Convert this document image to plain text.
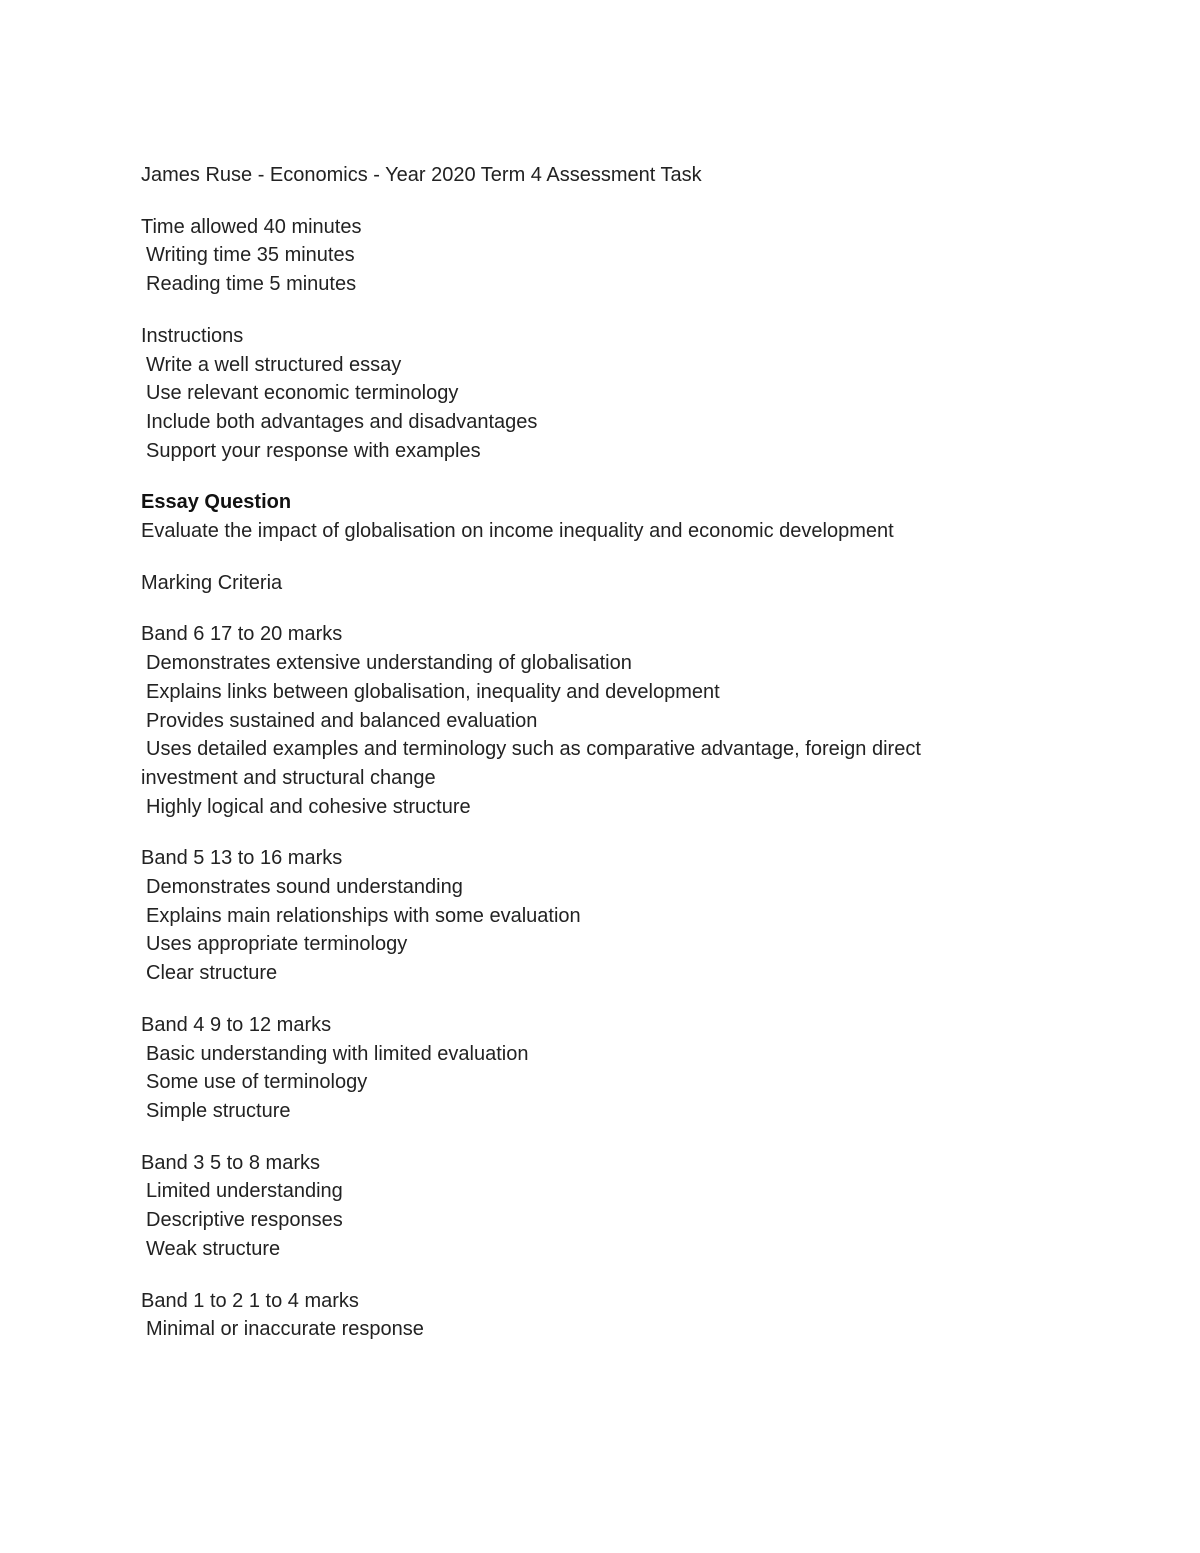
James Ruse - Economics - Year 2020 Term 4 Assessment Task
Time allowed 40 minutes
Writing time 35 minutes
Reading time 5 minutes
Instructions
Write a well structured essay
Use relevant economic terminology
Include both advantages and disadvantages
Support your response with examples
Essay Question
Evaluate the impact of globalisation on income inequality and economic development
Marking Criteria
Band 6 17 to 20 marks
Demonstrates extensive understanding of globalisation
Explains links between globalisation, inequality and development
Provides sustained and balanced evaluation
Uses detailed examples and terminology such as comparative advantage, foreign direct investment and structural change
Highly logical and cohesive structure
Band 5 13 to 16 marks
Demonstrates sound understanding
Explains main relationships with some evaluation
Uses appropriate terminology
Clear structure
Band 4 9 to 12 marks
Basic understanding with limited evaluation
Some use of terminology
Simple structure
Band 3 5 to 8 marks
Limited understanding
Descriptive responses
Weak structure
Band 1 to 2 1 to 4 marks
Minimal or inaccurate response
